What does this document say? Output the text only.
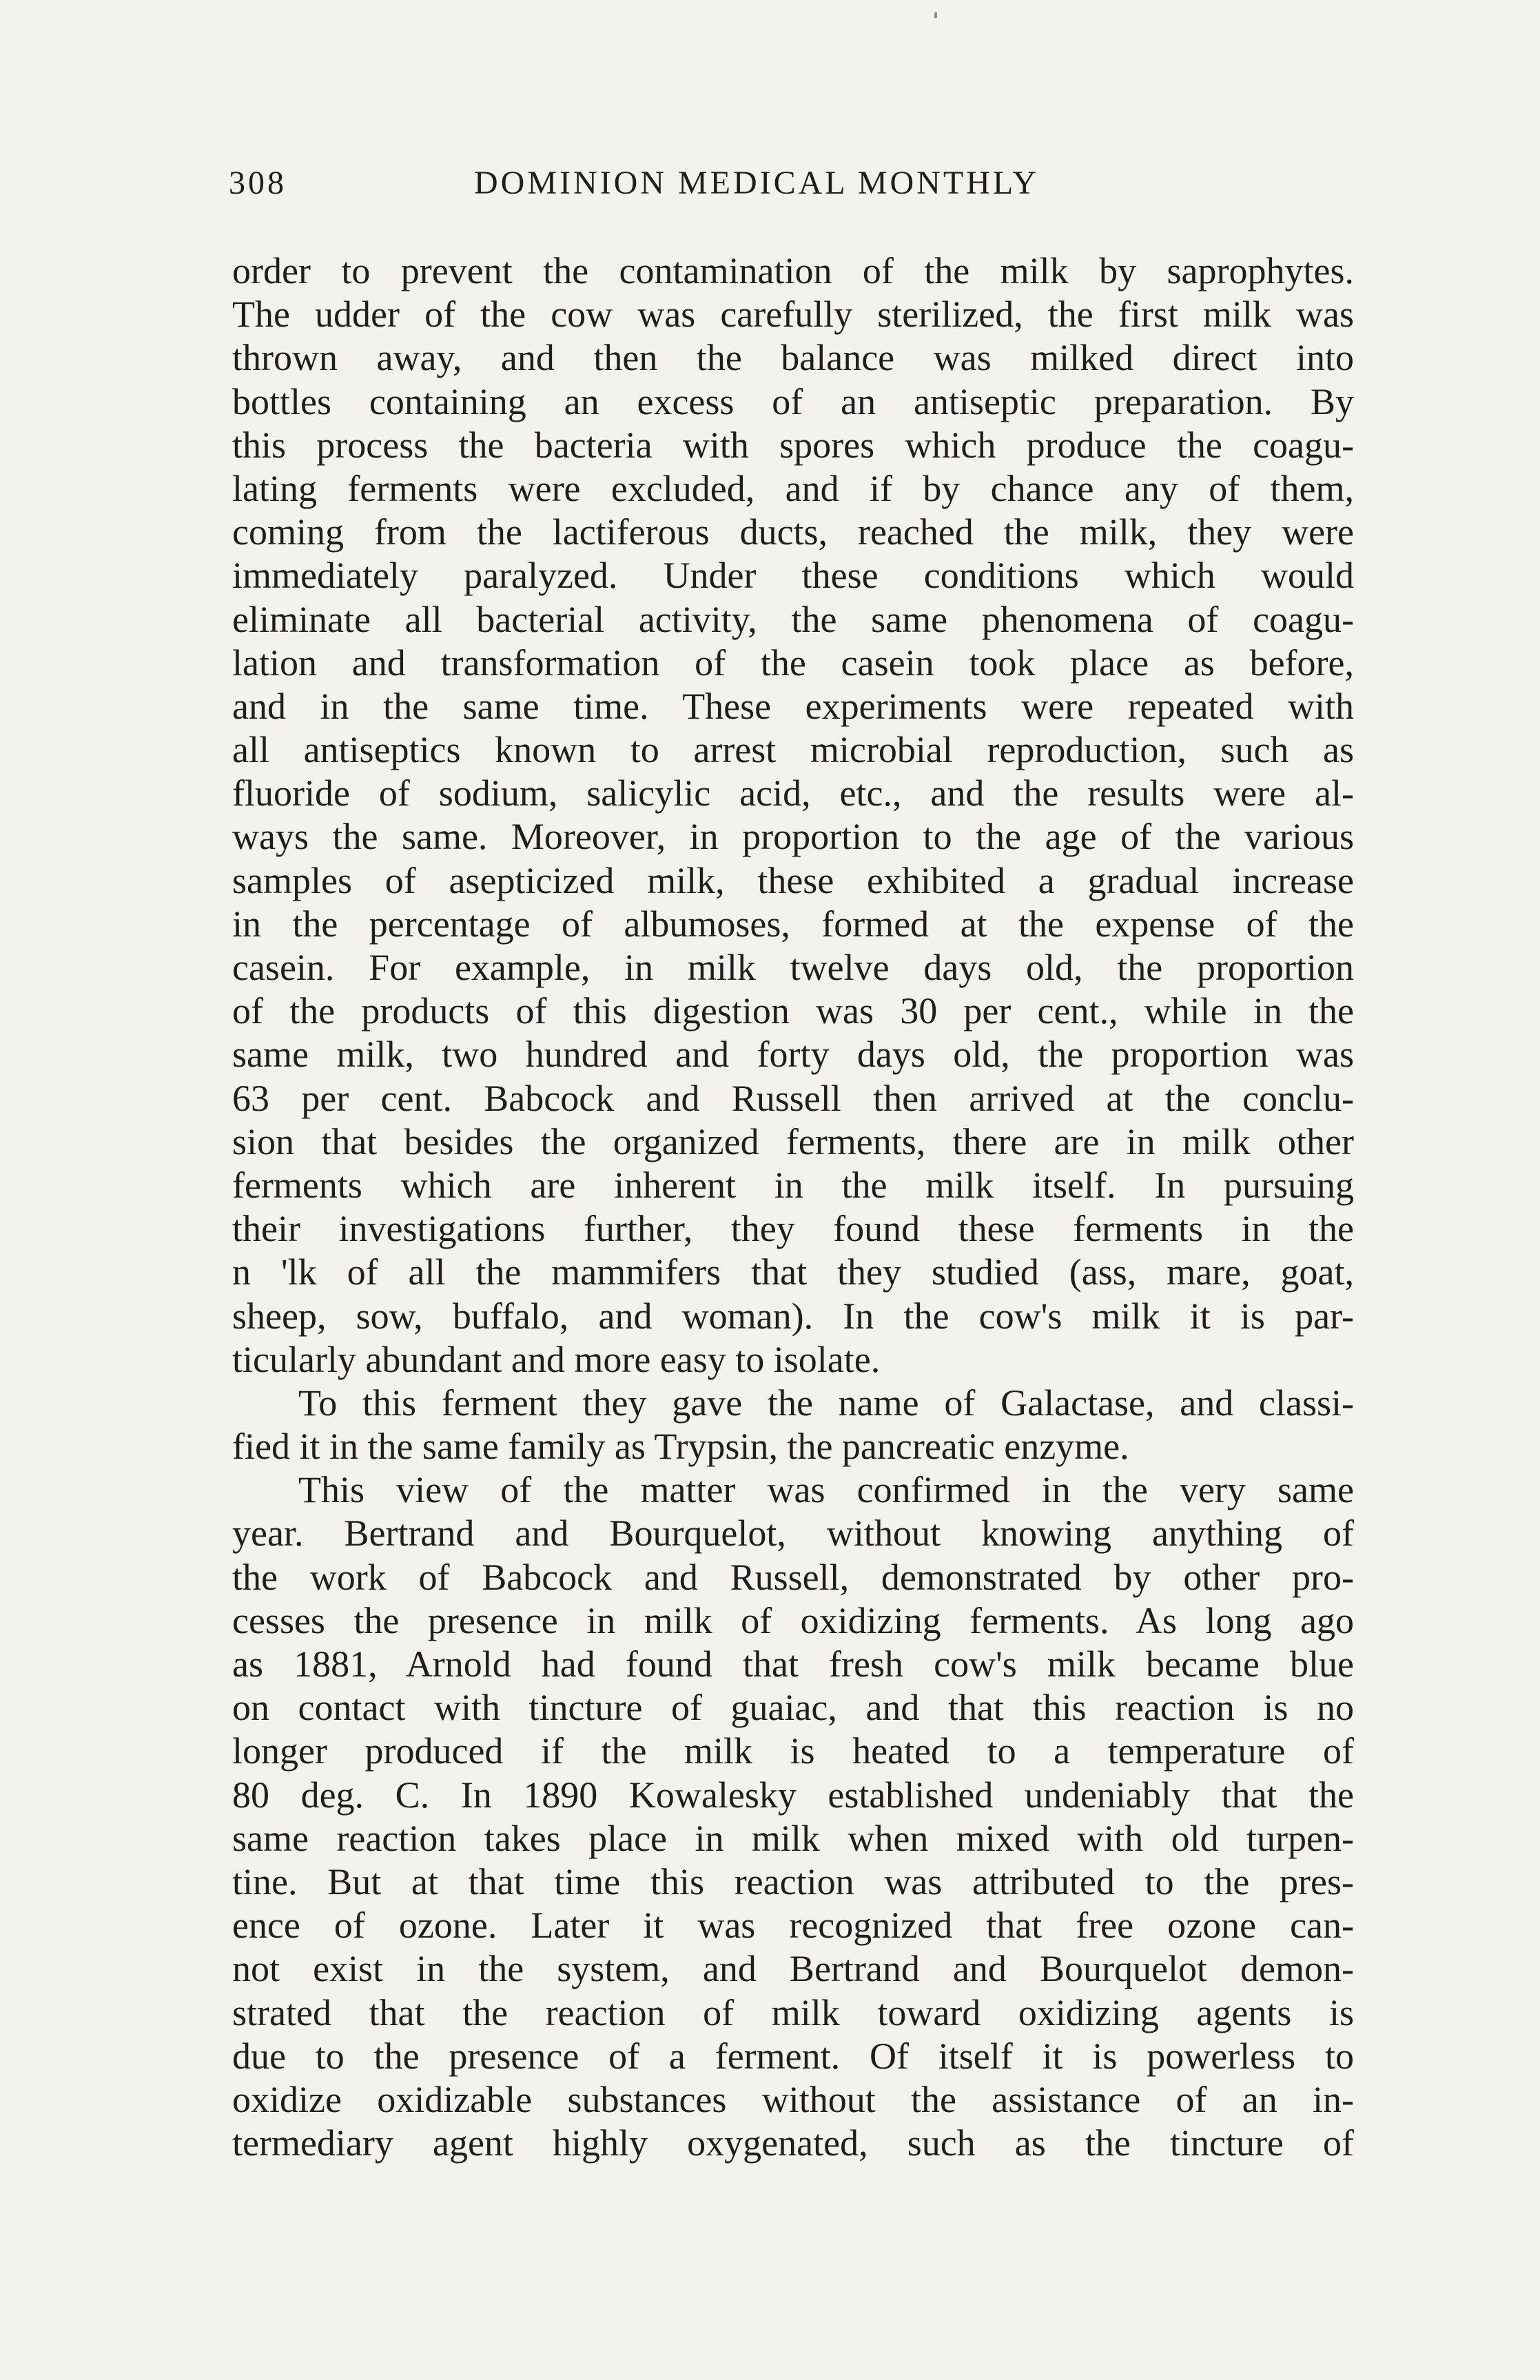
308	DOMINION MEDICAL MONTHLY
order to prevent the contamination of the milk by saprophytes.
The udder of the cow was carefully sterilized, the first milk was
thrown away, and then the balance was milked direct into
bottles containing an excess of an antiseptic preparation. By
this process the bacteria with spores which produce the coagu-
lating ferments were excluded, and if by chance any of them,
coming from the lactiferous ducts, reached the milk, they were
immediately paralyzed. Under these conditions which would
eliminate all bacterial activity, the same phenomena of coagu-
lation and transformation of the casein took place as before,
and in the same time. These experiments were repeated with
all antiseptics known to arrest microbial reproduction, such as
fluoride of sodium, salicylic acid, etc., and the results were al-
ways the same. Moreover, in proportion to the age of the various
samples of asepticized milk, these exhibited a gradual increase
in the percentage of albumoses, formed at the expense of the
casein. For example, in milk twelve days old, the proportion
of the products of this digestion was 30 per cent., while in the
same milk, two hundred and forty days old, the proportion was
63 per cent. Babcock and Russell then arrived at the conclu-
sion that besides the organized ferments, there are in milk other
ferments which are inherent in the milk itself. In pursuing
their investigations further, they found these ferments in the
n 'lk of all the mammifers that they studied (ass, mare, goat,
sheep, sow, buffalo, and woman). In the cow's milk it is par-
ticularly abundant and more easy to isolate.
To this ferment they gave the name of Galactase, and classi-
fied it in the same family as Trypsin, the pancreatic enzyme.
This view of the matter was confirmed in the very same
year. Bertrand and Bourquelot, without knowing anything of
the work of Babcock and Russell, demonstrated by other pro-
cesses the presence in milk of oxidizing ferments. As long ago
as 1881, Arnold had found that fresh cow's milk became blue
on contact with tincture of guaiac, and that this reaction is no
longer produced if the milk is heated to a temperature of
80 deg. C. In 1890 Kowalesky established undeniably that the
same reaction takes place in milk when mixed with old turpen-
tine. But at that time this reaction was attributed to the pres-
ence of ozone. Later it was recognized that free ozone can-
not exist in the system, and Bertrand and Bourquelot demon-
strated that the reaction of milk toward oxidizing agents is
due to the presence of a ferment. Of itself it is powerless to
oxidize oxidizable substances without the assistance of an in-
termediary agent highly oxygenated, such as the tincture of
